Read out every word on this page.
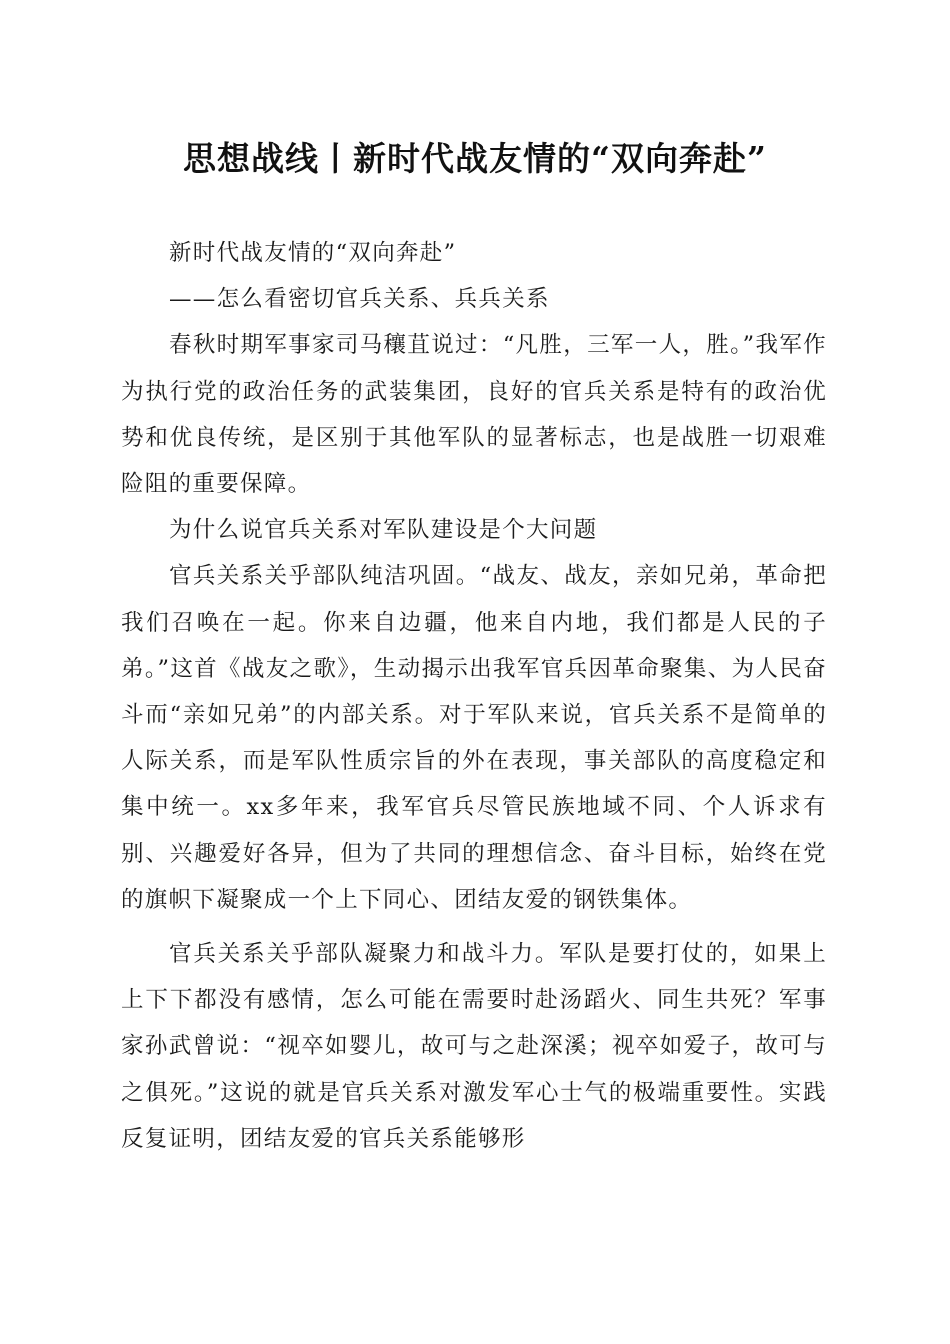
思想战线丨新时代战友情的“双向奔赴”

新时代战友情的“双向奔赴”

——怎么看密切官兵关系、兵兵关系

春秋时期军事家司马穰苴说过：“凡胜，三军一人，胜。”我军作为执行党的政治任务的武装集团，良好的官兵关系是特有的政治优势和优良传统，是区别于其他军队的显著标志，也是战胜一切艰难险阻的重要保障。

为什么说官兵关系对军队建设是个大问题

官兵关系关乎部队纯洁巩固。“战友、战友，亲如兄弟，革命把我们召唤在一起。你来自边疆，他来自内地，我们都是人民的子弟。”这首《战友之歌》，生动揭示出我军官兵因革命聚集、为人民奋斗而“亲如兄弟”的内部关系。对于军队来说，官兵关系不是简单的人际关系，而是军队性质宗旨的外在表现，事关部队的高度稳定和集中统一。xx多年来，我军官兵尽管民族地域不同、个人诉求有别、兴趣爱好各异，但为了共同的理想信念、奋斗目标，始终在党的旗帜下凝聚成一个上下同心、团结友爱的钢铁集体。

官兵关系关乎部队凝聚力和战斗力。军队是要打仗的，如果上上下下都没有感情，怎么可能在需要时赴汤蹈火、同生共死？军事家孙武曾说：“视卒如婴儿，故可与之赴深溪；视卒如爱子，故可与之俱死。”这说的就是官兵关系对激发军心士气的极端重要性。实践反复证明，团结友爱的官兵关系能够形
